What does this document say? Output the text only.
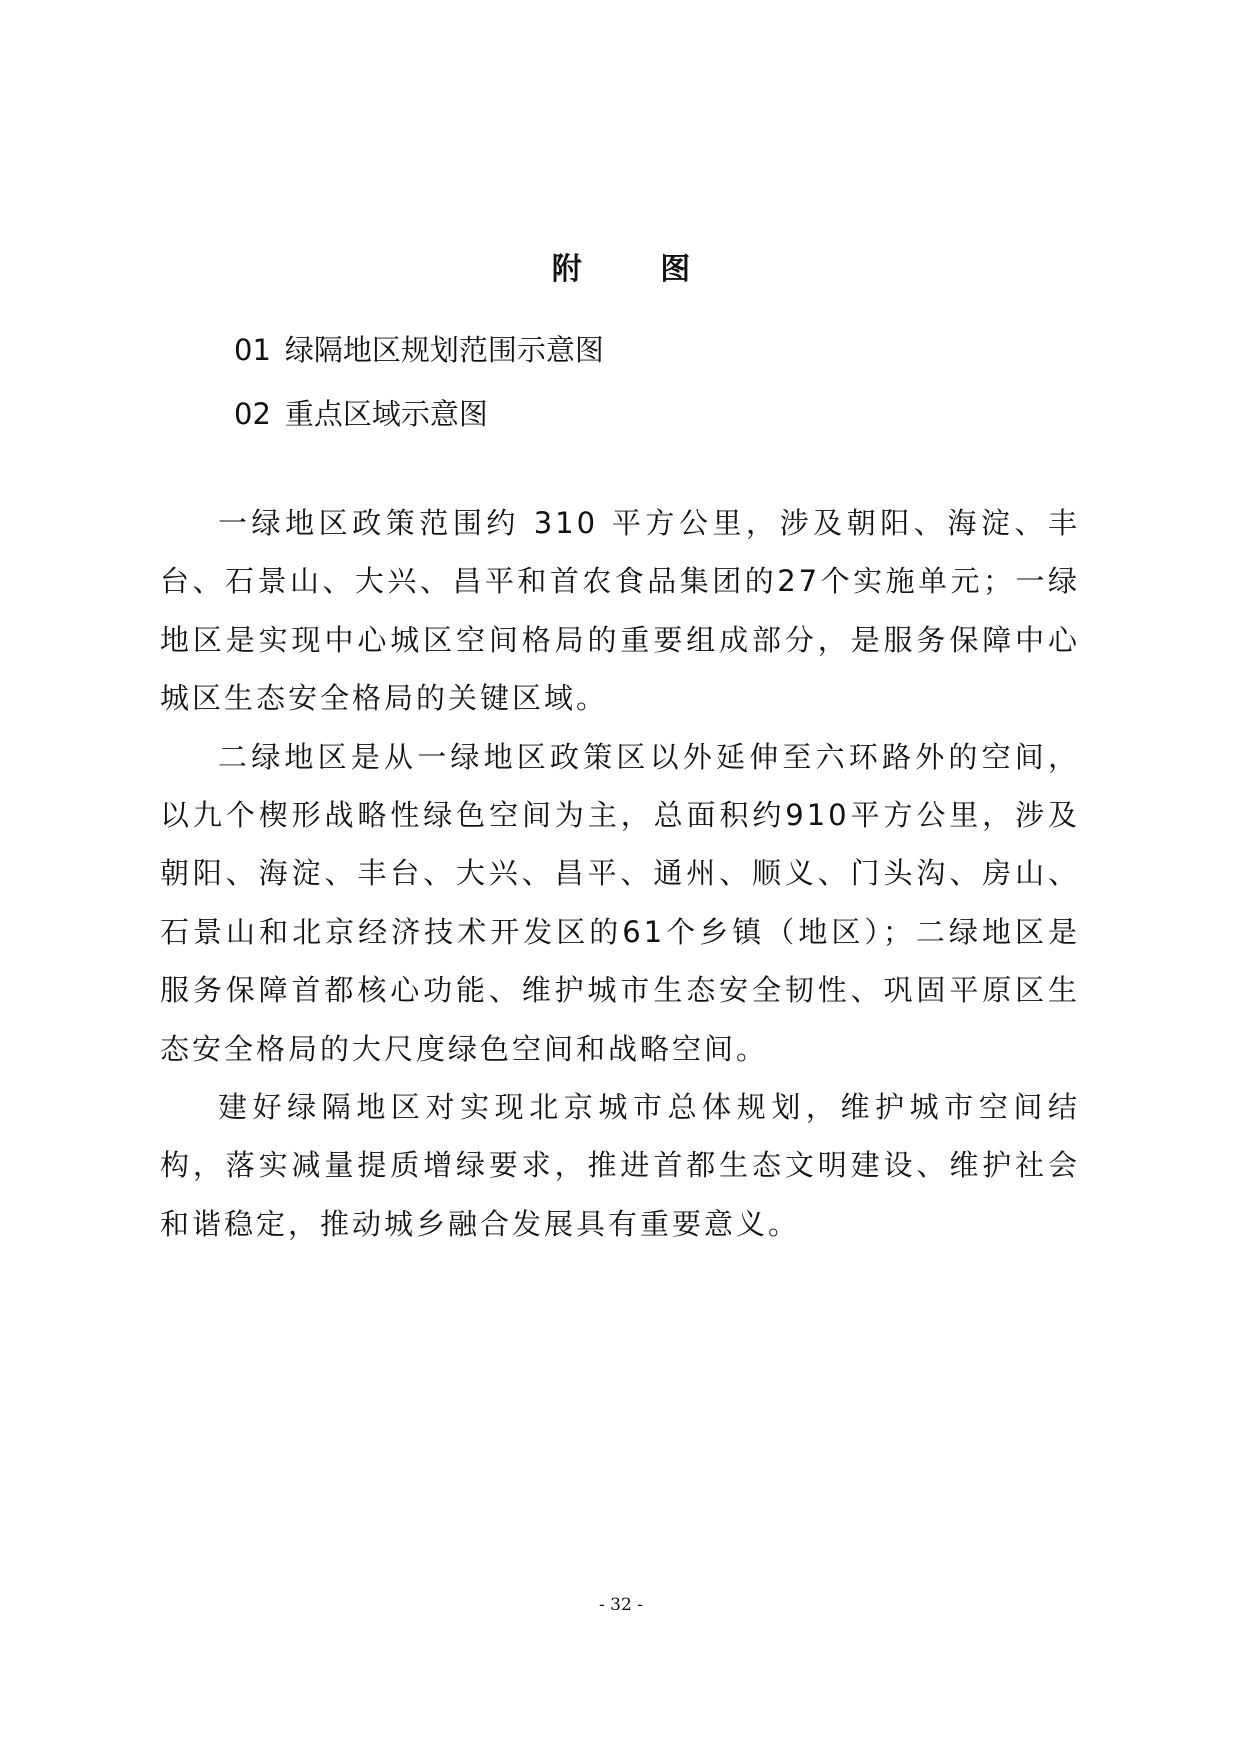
附 图
01 绿隔地区规划范围示意图
02 重点区域示意图

一绿地区政策范围约 310 平方公里，涉及朝阳、海淀、丰台、石景山、大兴、昌平和首农食品集团的27个实施单元；一绿地区是实现中心城区空间格局的重要组成部分，是服务保障中心城区生态安全格局的关键区域。

二绿地区是从一绿地区政策区以外延伸至六环路外的空间，以九个楔形战略性绿色空间为主，总面积约910平方公里，涉及朝阳、海淀、丰台、大兴、昌平、通州、顺义、门头沟、房山、石景山和北京经济技术开发区的61个乡镇（地区）；二绿地区是服务保障首都核心功能、维护城市生态安全韧性、巩固平原区生态安全格局的大尺度绿色空间和战略空间。

建好绿隔地区对实现北京城市总体规划，维护城市空间结构，落实减量提质增绿要求，推进首都生态文明建设、维护社会和谐稳定，推动城乡融合发展具有重要意义。

- 32 -
